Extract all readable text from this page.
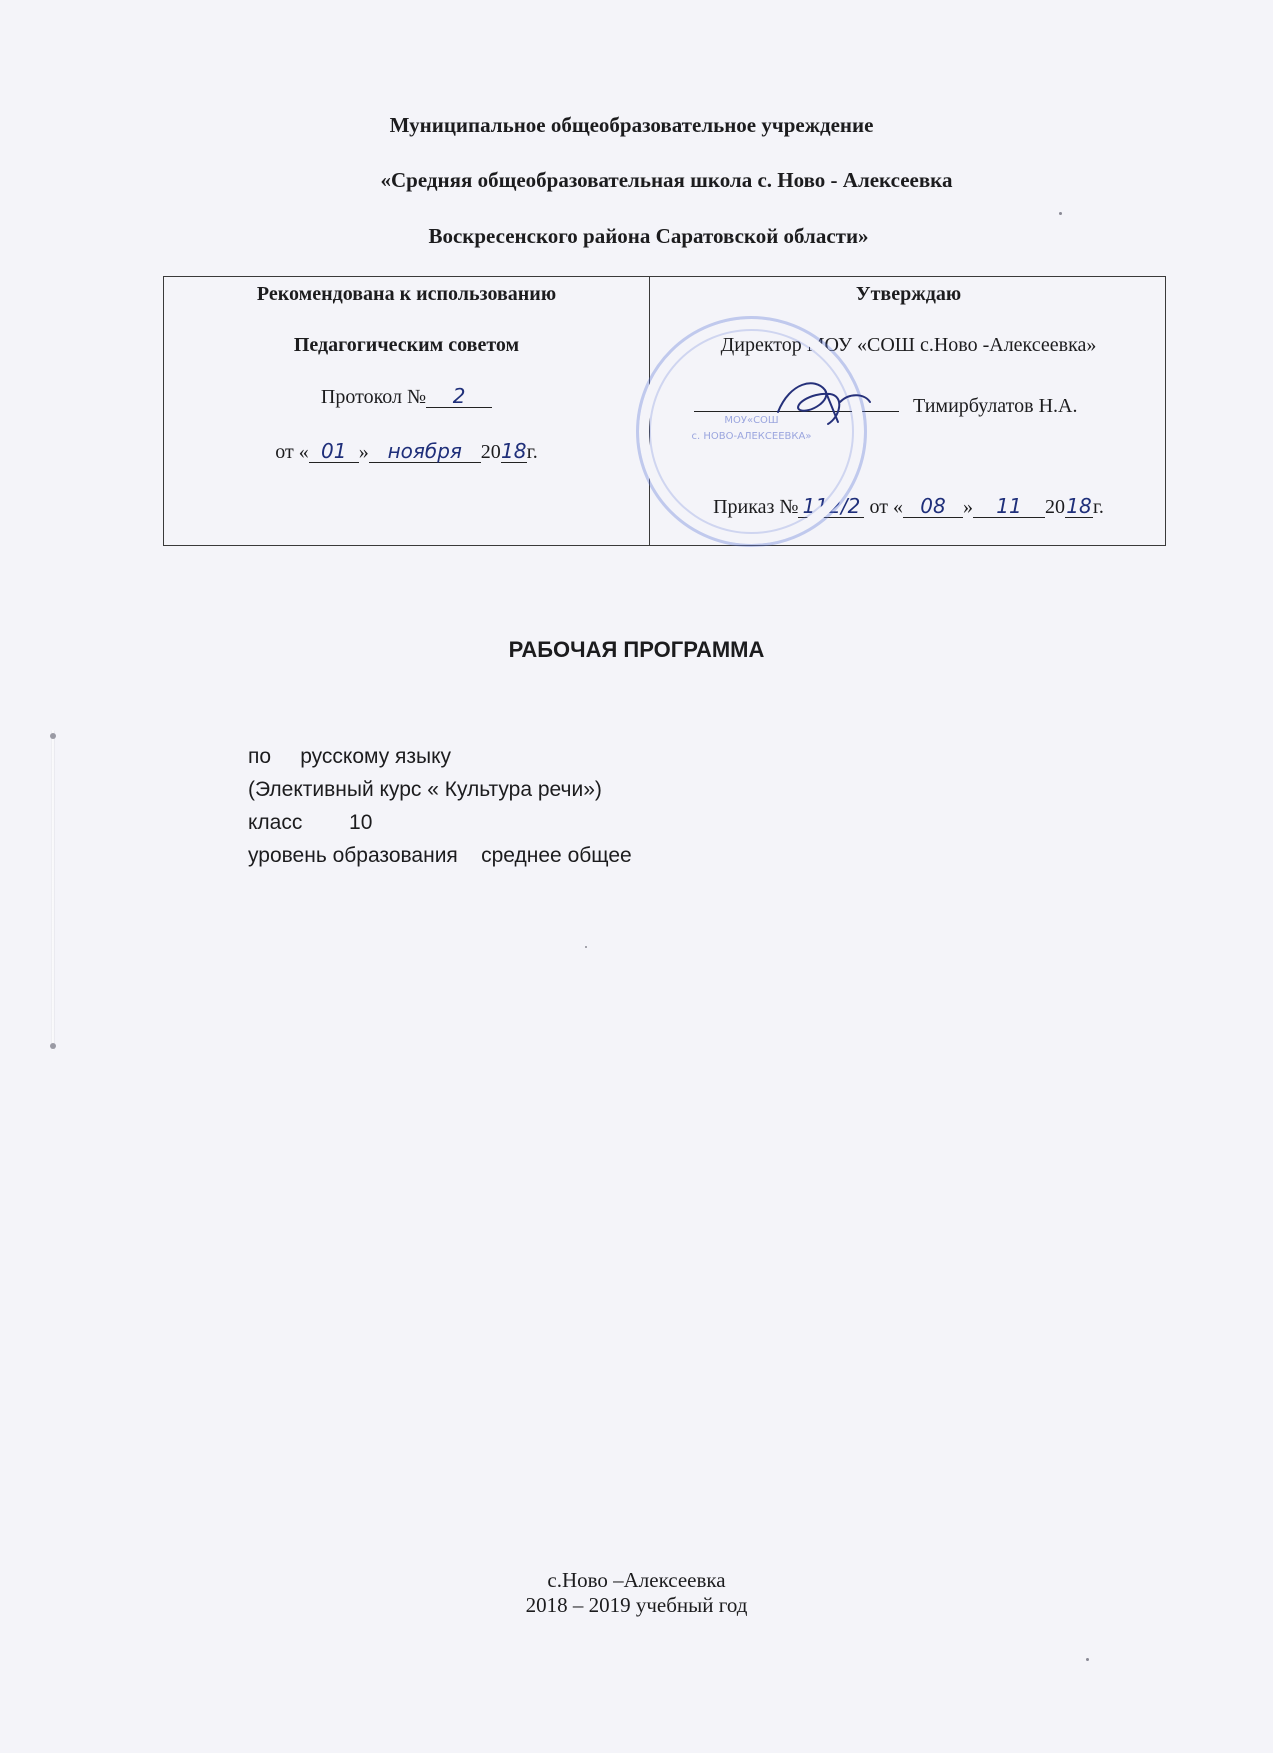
Муниципальное общеобразовательное учреждение
«Средняя общеобразовательная школа с. Ново - Алексеевка
Воскресенского района Саратовской области»
Рекомендована к использованию
Педагогическим советом
Протокол № 2
от « 01 » ноября 2018г.
Утверждаю
Директор МОУ «СОШ с.Ново -Алексеевка»
Тимирбулатов Н.А.
Приказ № 112/2 от « 08 » 11 2018г.
МОУ«СОШ
с. НОВО-АЛЕКСЕЕВКА»
РАБОЧАЯ ПРОГРАММА
по     русскому языку
(Элективный курс « Культура речи»)
класс        10
уровень образования    среднее общее
с.Ново –Алексеевка
2018 – 2019 учебный год
